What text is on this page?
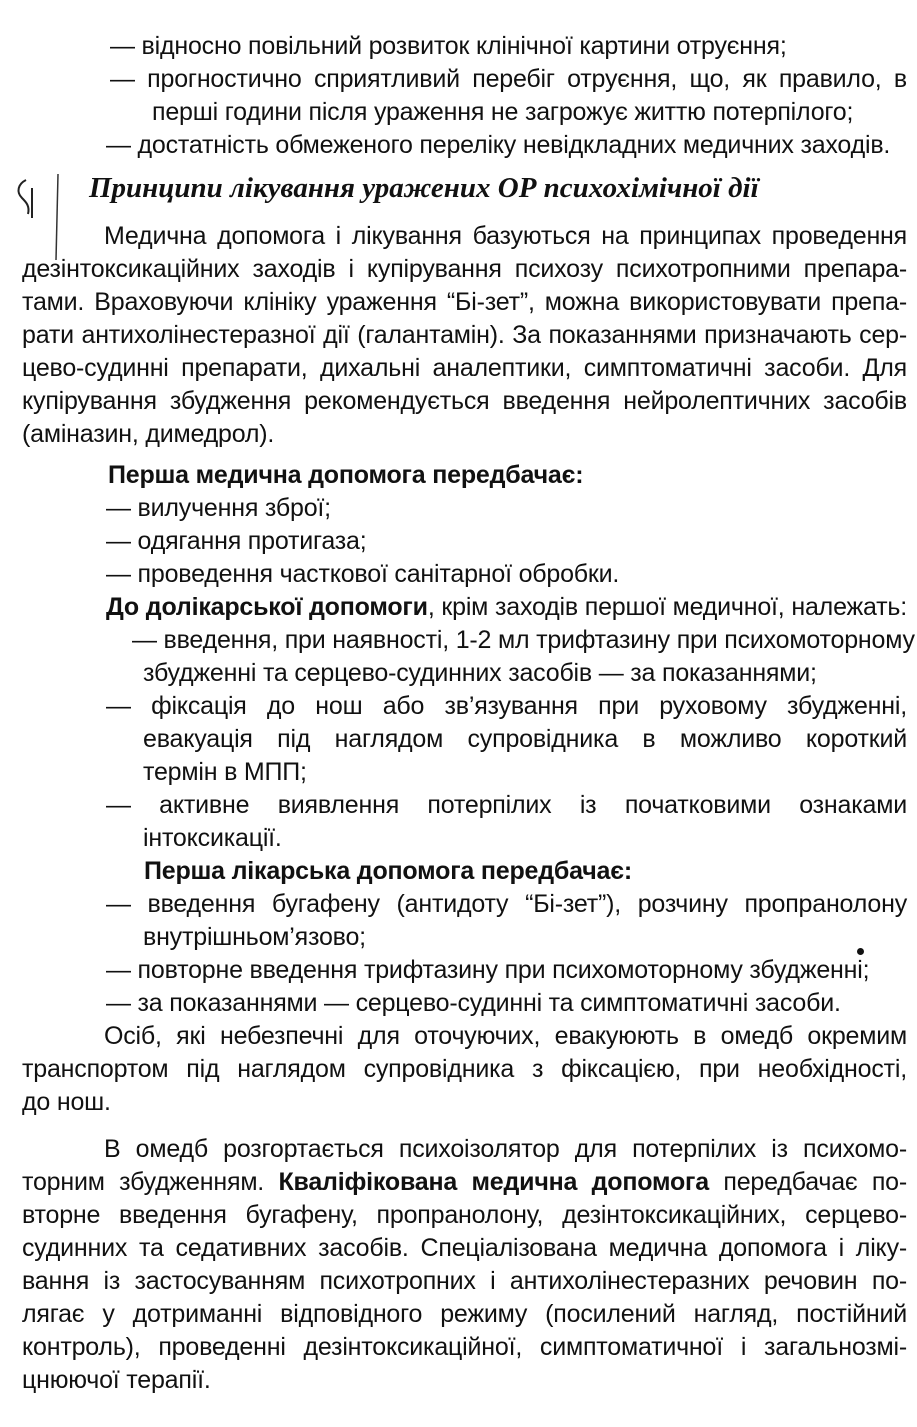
— відносно повільний розвиток клінічної картини отруєння;
— прогностично сприятливий перебіг отруєння, що, як правило, в
перші години після ураження не загрожує життю потерпілого;
— достатність обмеженого переліку невідкладних медичних заходів.
Принципи лікування уражених ОР психохімічної дії
Медична допомога і лікування базуються на принципах проведення
дезінтоксикаційних заходів і купірування психозу психотропними препара-
тами. Враховуючи клініку ураження “Бі-зет”, можна використовувати препа-
рати антихолінестеразної дії (галантамін). За показаннями призначають сер-
цево-судинні препарати, дихальні аналептики, симптоматичні засоби. Для
купірування збудження рекомендується введення нейролептичних засобів
(аміназин, димедрол).
Перша медична допомога передбачає:
— вилучення зброї;
— одягання протигаза;
— проведення часткової санітарної обробки.
До долікарської допомоги, крім заходів першої медичної, належать:
— введення, при наявності, 1-2 мл трифтазину при психомоторному
збудженні та серцево-судинних засобів — за показаннями;
— фіксація до нош або зв’язування при руховому збудженні,
евакуація під наглядом супровідника в можливо короткий
термін в МПП;
— активне виявлення потерпілих із початковими ознаками
інтоксикації.
Перша лікарська допомога передбачає:
— введення бугафену (антидоту “Бі-зет”), розчину пропранолону
внутрішньом’язово;
— повторне введення трифтазину при психомоторному збудженні;
— за показаннями — серцево-судинні та симптоматичні засоби.
Осіб, які небезпечні для оточуючих, евакуюють в омедб окремим
транспортом під наглядом супровідника з фіксацією, при необхідності,
до нош.
В омедб розгортається психоізолятор для потерпілих із психомо-
торним збудженням. Кваліфікована медична допомога передбачає по-
вторне введення бугафену, пропранолону, дезінтоксикаційних, серцево-
судинних та седативних засобів. Спеціалізована медична допомога і ліку-
вання із застосуванням психотропних і антихолінестеразних речовин по-
лягає у дотриманні відповідного режиму (посилений нагляд, постійний
контроль), проведенні дезінтоксикаційної, симптоматичної і загальнозмі-
цнюючої терапії.
